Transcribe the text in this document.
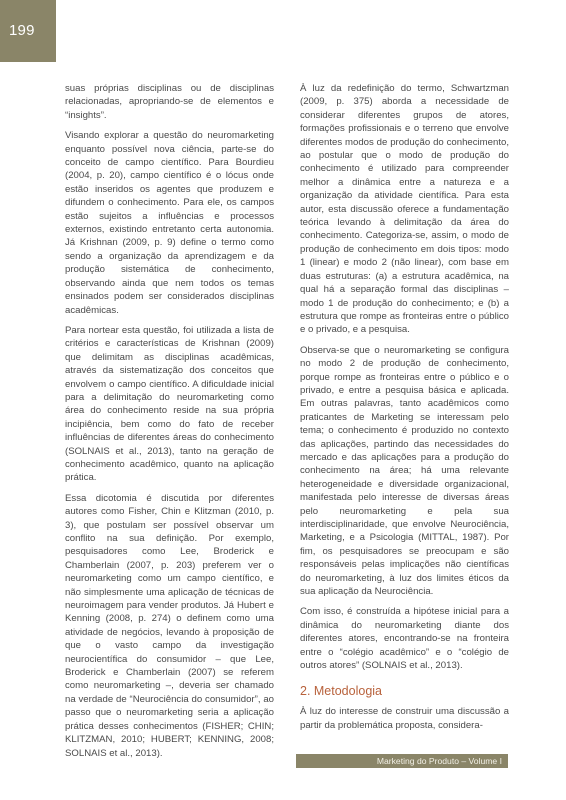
199

suas próprias disciplinas ou de disciplinas relacionadas, apropriando-se de elementos e “insights”.

Visando explorar a questão do neuromarketing enquanto possível nova ciência, parte-se do conceito de campo científico. Para Bourdieu (2004, p. 20), campo científico é o lócus onde estão inseridos os agentes que produzem e difundem o conhecimento. Para ele, os campos estão sujeitos a influências e processos externos, existindo entretanto certa autonomia. Já Krishnan (2009, p. 9) define o termo como sendo a organização da aprendizagem e da produção sistemática de conhecimento, observando ainda que nem todos os temas ensinados podem ser considerados disciplinas acadêmicas.

Para nortear esta questão, foi utilizada a lista de critérios e características de Krishnan (2009) que delimitam as disciplinas acadêmicas, através da sistematização dos conceitos que envolvem o campo científico. A dificuldade inicial para a delimitação do neuromarketing como área do conhecimento reside na sua própria incipiência, bem como do fato de receber influências de diferentes áreas do conhecimento (SOLNAIS et al., 2013), tanto na geração de conhecimento acadêmico, quanto na aplicação prática.

Essa dicotomia é discutida por diferentes autores como Fisher, Chin e Klitzman (2010, p. 3), que postulam ser possível observar um conflito na sua definição. Por exemplo, pesquisadores como Lee, Broderick e Chamberlain (2007, p. 203) preferem ver o neuromarketing como um campo científico, e não simplesmente uma aplicação de técnicas de neuroimagem para vender produtos. Já Hubert e Kenning (2008, p. 274) o definem como uma atividade de negócios, levando à proposição de que o vasto campo da investigação neurocientífica do consumidor – que Lee, Broderick e Chamberlain (2007) se referem como neuromarketing –, deveria ser chamado na verdade de “Neurociência do consumidor”, ao passo que o neuromarketing seria a aplicação prática desses conhecimentos (FISHER; CHIN; KLITZMAN, 2010; HUBERT; KENNING, 2008; SOLNAIS et al., 2013).

À luz da redefinição do termo, Schwartzman (2009, p. 375) aborda a necessidade de considerar diferentes grupos de atores, formações profissionais e o terreno que envolve diferentes modos de produção do conhecimento, ao postular que o modo de produção do conhecimento é utilizado para compreender melhor a dinâmica entre a natureza e a organização da atividade científica. Para esta autor, esta discussão oferece a fundamentação teórica levando à delimitação da área do conhecimento. Categoriza-se, assim, o modo de produção de conhecimento em dois tipos: modo 1 (linear) e modo 2 (não linear), com base em duas estruturas: (a) a estrutura acadêmica, na qual há a separação formal das disciplinas – modo 1 de produção do conhecimento; e (b) a estrutura que rompe as fronteiras entre o público e o privado, e a pesquisa.

Observa-se que o neuromarketing se configura no modo 2 de produção de conhecimento, porque rompe as fronteiras entre o público e o privado, e entre a pesquisa básica e aplicada. Em outras palavras, tanto acadêmicos como praticantes de Marketing se interessam pelo tema; o conhecimento é produzido no contexto das aplicações, partindo das necessidades do mercado e das aplicações para a produção do conhecimento na área; há uma relevante heterogeneidade e diversidade organizacional, manifestada pelo interesse de diversas áreas pelo neuromarketing e pela sua interdisciplinaridade, que envolve Neurociência, Marketing, e a Psicologia (MITTAL, 1987). Por fim, os pesquisadores se preocupam e são responsáveis pelas implicações não científicas do neuromarketing, à luz dos limites éticos da sua aplicação da Neurociência.

Com isso, é construída a hipótese inicial para a dinâmica do neuromarketing diante dos diferentes atores, encontrando-se na fronteira entre o “colégio acadêmico” e o “colégio de outros atores” (SOLNAIS et al., 2013).

2. Metodologia

À luz do interesse de construir uma discussão a partir da problemática proposta, considera-

Marketing do Produto – Volume I
